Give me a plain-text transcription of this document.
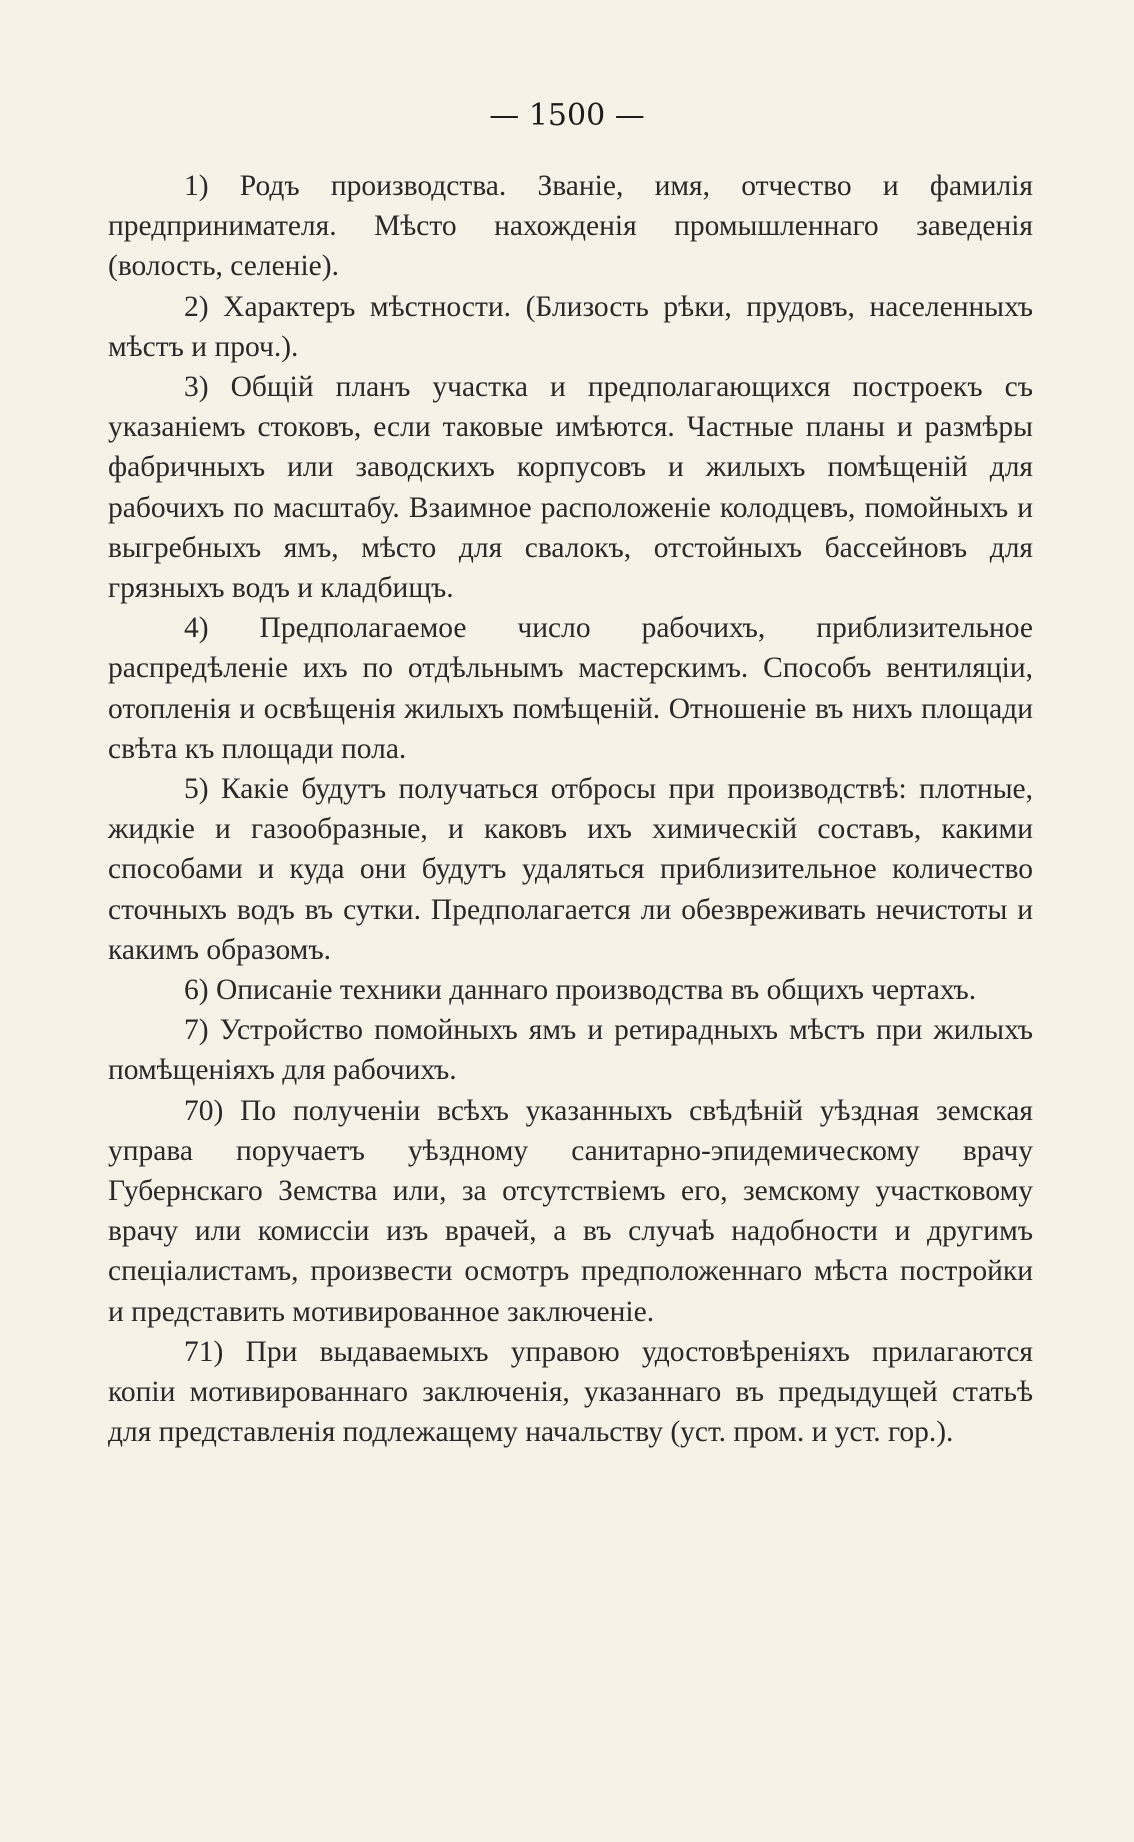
— 1500 —

1) Родъ производства. Званіе, имя, отчество и фамилія предпринимателя. Мѣсто нахожденія промышленнаго заведенія (волость, селеніе).

2) Характеръ мѣстности. (Близость рѣки, прудовъ, населенныхъ мѣстъ и проч.).

3) Общій планъ участка и предполагающихся построекъ съ указаніемъ стоковъ, если таковые имѣются. Частные планы и размѣры фабричныхъ или заводскихъ корпусовъ и жилыхъ помѣщеній для рабочихъ по масштабу. Взаимное расположеніе колодцевъ, помойныхъ и выгребныхъ ямъ, мѣсто для свалокъ, отстойныхъ бассейновъ для грязныхъ водъ и кладбищъ.

4) Предполагаемое число рабочихъ, приблизительное распредѣленіе ихъ по отдѣльнымъ мастерскимъ. Способъ вентиляціи, отопленія и освѣщенія жилыхъ помѣщеній. Отношеніе въ нихъ площади свѣта къ площади пола.

5) Какіе будутъ получаться отбросы при производствѣ: плотные, жидкіе и газообразные, и каковъ ихъ химическій составъ, какими способами и куда они будутъ удаляться приблизительное количество сточныхъ водъ въ сутки. Предполагается ли обезвреживать нечистоты и какимъ образомъ.

6) Описаніе техники даннаго производства въ общихъ чертахъ.

7) Устройство помойныхъ ямъ и ретирадныхъ мѣстъ при жилыхъ помѣщеніяхъ для рабочихъ.

70) По полученіи всѣхъ указанныхъ свѣдѣній уѣздная земская управа поручаетъ уѣздному санитарно-эпидемическому врачу Губернскаго Земства или, за отсутствіемъ его, земскому участковому врачу или комиссіи изъ врачей, а въ случаѣ надобности и другимъ спеціалистамъ, произвести осмотръ предположеннаго мѣста постройки и представить мотивированное заключеніе.

71) При выдаваемыхъ управою удостовѣреніяхъ прилагаются копіи мотивированнаго заключенія, указаннаго въ предыдущей статьѣ для представленія подлежащему начальству (уст. пром. и уст. гор.).
